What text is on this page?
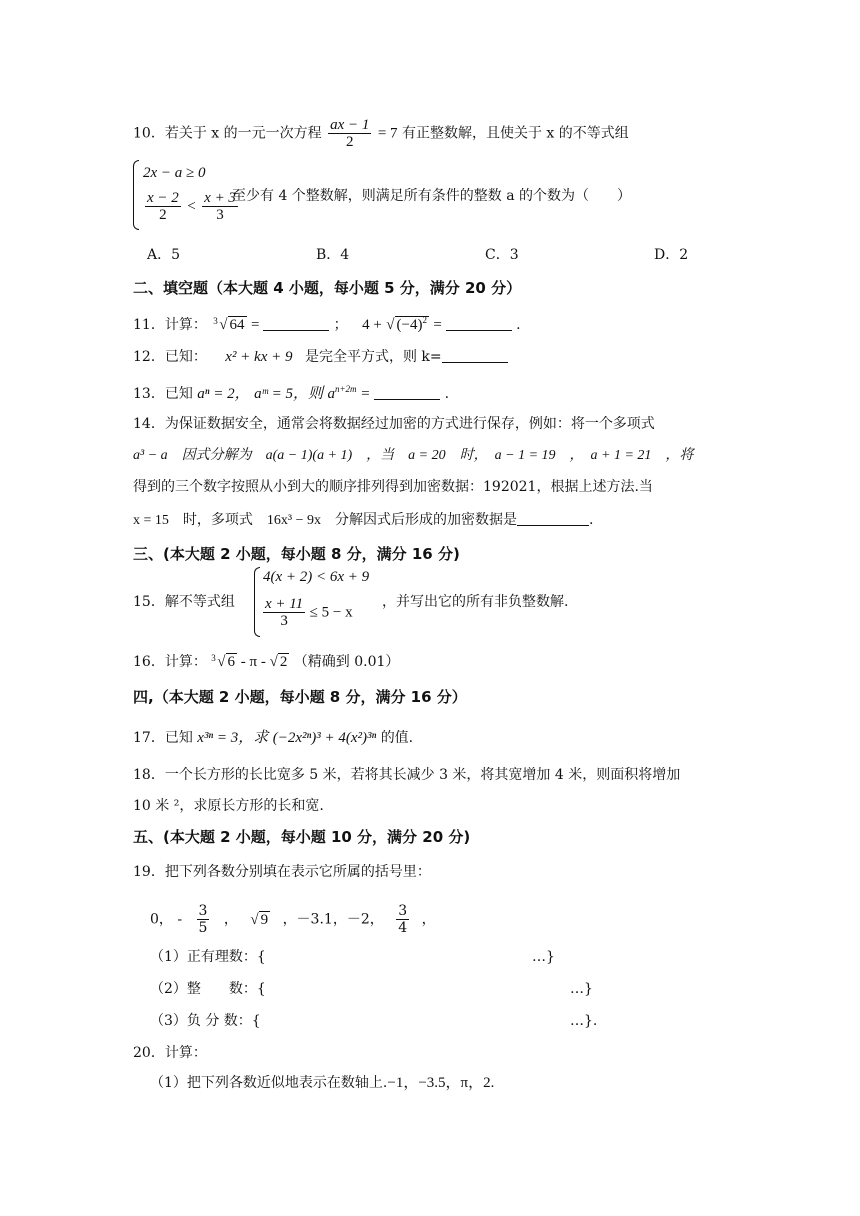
10．若关于 x 的一元一次方程 $\frac{ax - 1}{2} = 7$ 有正整数解，且使关于 x 的不等式组
2x − a ≥ 0
$\frac{x - 2}{2} < \frac{x + 3}{3}$
至少有 4 个整数解，则满足所有条件的整数 a 的个数为（　　）
A．5	B．4	C．3	D．2
二、填空题（本大题 4 小题，每小题 5 分，满分 20 分）
11．计算： 3 √ 64 =	； 4 + √ $(-4)^2$ =	.
12．已知： x² + kx + 9 是完全平方式，则 k=
13．已知 aⁿ = 2， aᵐ = 5，则 $a^{n+2m}$ =	.
14．为保证数据安全，通常会将数据经过加密的方式进行保存，例如：将一个多项式
a³ − a　因式分解为　a(a − 1)(a + 1)　，当　a = 20　时，　a − 1 = 19　，　a + 1 = 21　，将
得到的三个数字按照从小到大的顺序排列得到加密数据：192021，根据上述方法.当
x = 15　时，多项式　16x³ − 9x　分解因式后形成的加密数据是	.
三、(本大题 2 小题，每小题 8 分，满分 16 分)
15．解不等式组
4(x + 2) < 6x + 9
$\frac{x + 11}{3} \le 5 - x$
，并写出它的所有非负整数解.
16．计算： 3 √ 6 - π - √ 2 （精确到 0.01）
四,（本大题 2 小题，每小题 8 分，满分 16 分）
17．已知 x³ⁿ = 3，求 (−2x²ⁿ)³ + 4(x²)³ⁿ 的值.
18．一个长方形的长比宽多 5 米，若将其长减少 3 米，将其宽增加 4 米，则面积将增加
10 米 ²，求原长方形的长和宽.
五、(本大题 2 小题，每小题 10 分，满分 20 分)
19．把下列各数分别填在表示它所属的括号里：
0， - $\frac{3}{5}$ ， √ 9 ，－3.1，－2， $\frac{3}{4}$ ，
（1）正有理数：{	…}
（2）整　　数：{	…}
（3）负 分 数：{	…}.
20．计算：
（1）把下列各数近似地表示在数轴上.−1，−3.5，π，2.
